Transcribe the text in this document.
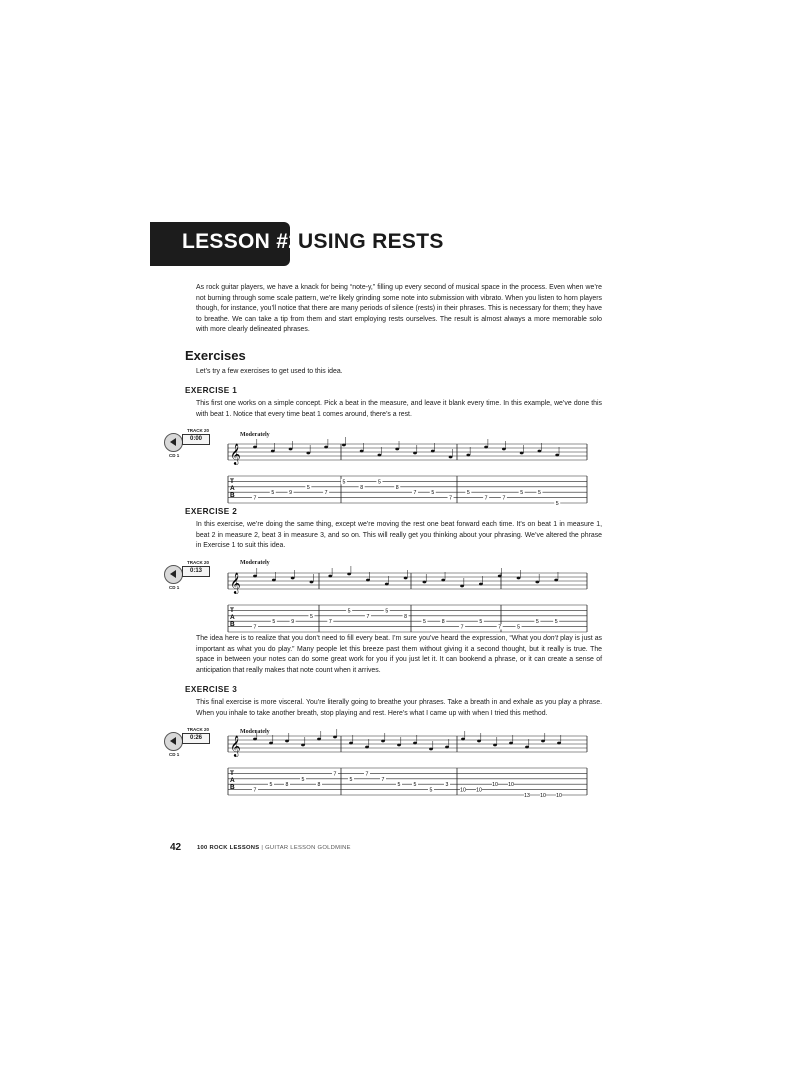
LESSON #20:
USING RESTS

As rock guitar players, we have a knack for being “note-y,” filling up every second of musical space in the process. Even when we’re not burning through some scale pattern, we’re likely grinding some note into submission with vibrato. When you listen to horn players though, for instance, you’ll notice that there are many periods of silence (rests) in their phrases. This is necessary for them; they have to breathe. We can take a tip from them and start employing rests ourselves. The result is almost always a more memorable solo with more clearly delineated phrases.

Exercises

Let’s try a few exercises to get used to this idea.

EXERCISE 1

This first one works on a simple concept. Pick a beat in the measure, and leave it blank every time. In this example, we’ve done this with beat 1. Notice that every time beat 1 comes around, there’s a rest.

TRACK 20
0:00
CD 1
Moderately
𝄞
T
A
B	7
5	9
5
7
5
8
5
8
7	5
7
5
7	7
5	5
5
EXERCISE 2

In this exercise, we’re doing the same thing, except we’re moving the rest one beat forward each time. It’s on beat 1 in measure 1, beat 2 in measure 2, beat 3 in measure 3, and so on. This will really get you thinking about your phrasing. We’ve altered the phrase in Exercise 1 to suit this idea.

TRACK 20
0:13
CD 1
Moderately
𝄞
T
A
B	7
5	9
5
7
5
7
5
8
5	8
7
5
7	5
5	5

The idea here is to realize that you don’t need to fill every beat. I’m sure you’ve heard the expression, “What you don’t play is just as important as what you do play.” Many people let this breeze past them without giving it a second thought, but it really is true. The space in between your notes can do some great work for you if you just let it. It can bookend a phrase, or it can create a sense of anticipation that really makes that note count when it arrives.

EXERCISE 3

This final exercise is more visceral. You’re literally going to breathe your phrases. Take a breath in and exhale as you play a phrase. When you inhale to take another breath, stop playing and rest. Here’s what I came up with when I tried this method.

TRACK 20
0:26
CD 1
Moderately
𝄞
T
A
B	7
5	8
5
8
7
5
7
7
5	5
5
3
10 10
10 10
13 10 10
42	100 ROCK LESSONS | GUITAR LESSON GOLDMINE
